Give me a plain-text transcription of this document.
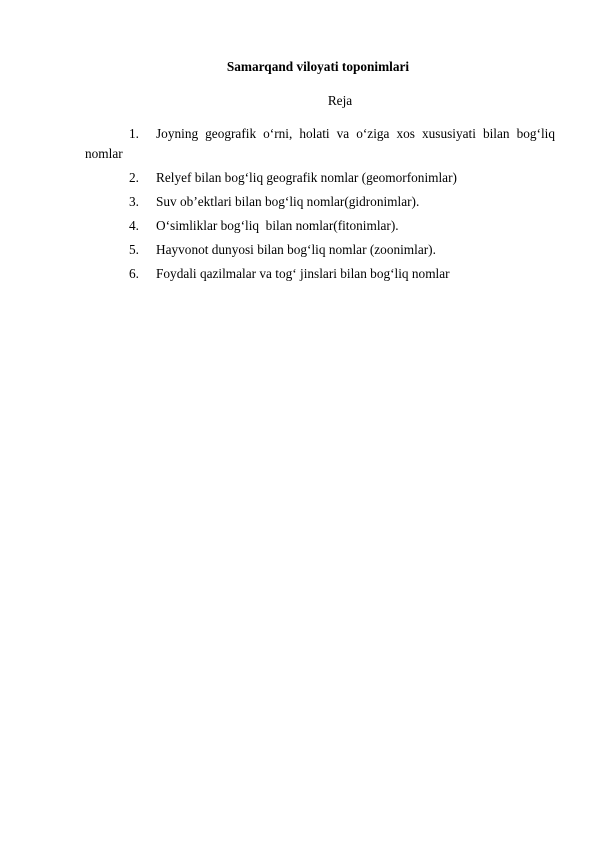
Samarqand viloyati toponimlari
Reja
1.	Joyning geografik o‘rni, holati va o‘ziga xos xususiyati bilan bog‘liq
nomlar
2.	Relyef bilan bog‘liq geografik nomlar (geomorfonimlar)
3.	Suv ob’ektlari bilan bog‘liq nomlar(gidronimlar).
4.	O‘simliklar bog‘liq  bilan nomlar(fitonimlar).
5.	Hayvonot dunyosi bilan bog‘liq nomlar (zoonimlar).
6.	Foydali qazilmalar va tog‘ jinslari bilan bog‘liq nomlar
